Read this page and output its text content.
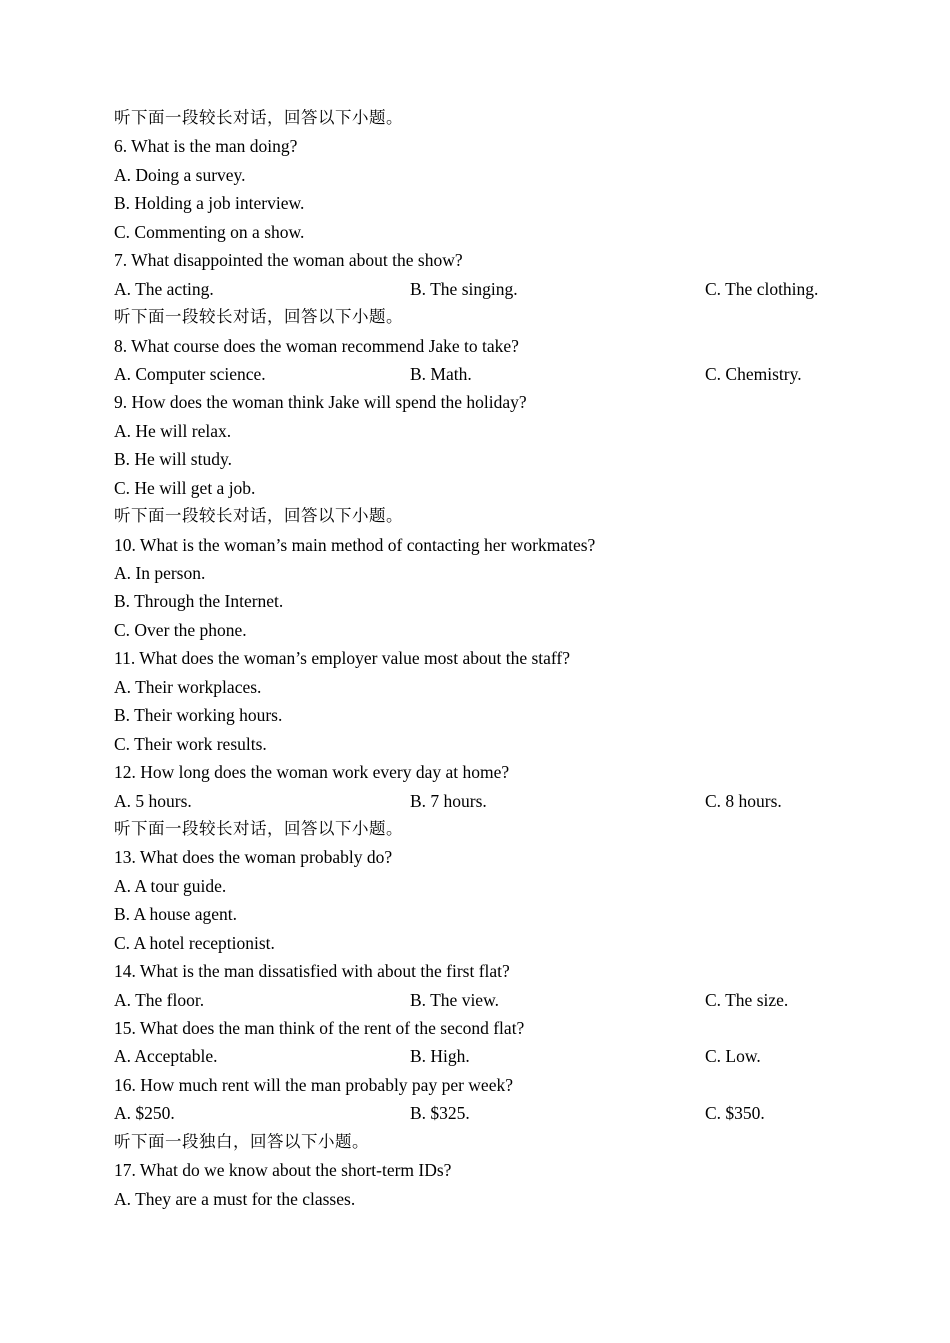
听下面一段较长对话，回答以下小题。
6. What is the man doing?
A. Doing a survey.
B. Holding a job interview.
C. Commenting on a show.
7. What disappointed the woman about the show?
A. The acting.	B. The singing.	C. The clothing.
听下面一段较长对话，回答以下小题。
8. What course does the woman recommend Jake to take?
A. Computer science.	B. Math.	C. Chemistry.
9. How does the woman think Jake will spend the holiday?
A. He will relax.
B. He will study.
C. He will get a job.
听下面一段较长对话，回答以下小题。
10. What is the woman’s main method of contacting her workmates?
A. In person.
B. Through the Internet.
C. Over the phone.
11. What does the woman’s employer value most about the staff?
A. Their workplaces.
B. Their working hours.
C. Their work results.
12. How long does the woman work every day at home?
A. 5 hours.	B. 7 hours.	C. 8 hours.
听下面一段较长对话，回答以下小题。
13. What does the woman probably do?
A. A tour guide.
B. A house agent.
C. A hotel receptionist.
14. What is the man dissatisfied with about the first flat?
A. The floor.	B. The view.	C. The size.
15. What does the man think of the rent of the second flat?
A. Acceptable.	B. High.	C. Low.
16. How much rent will the man probably pay per week?
A. $250.	B. $325.	C. $350.
听下面一段独白，回答以下小题。
17. What do we know about the short-term IDs?
A. They are a must for the classes.
